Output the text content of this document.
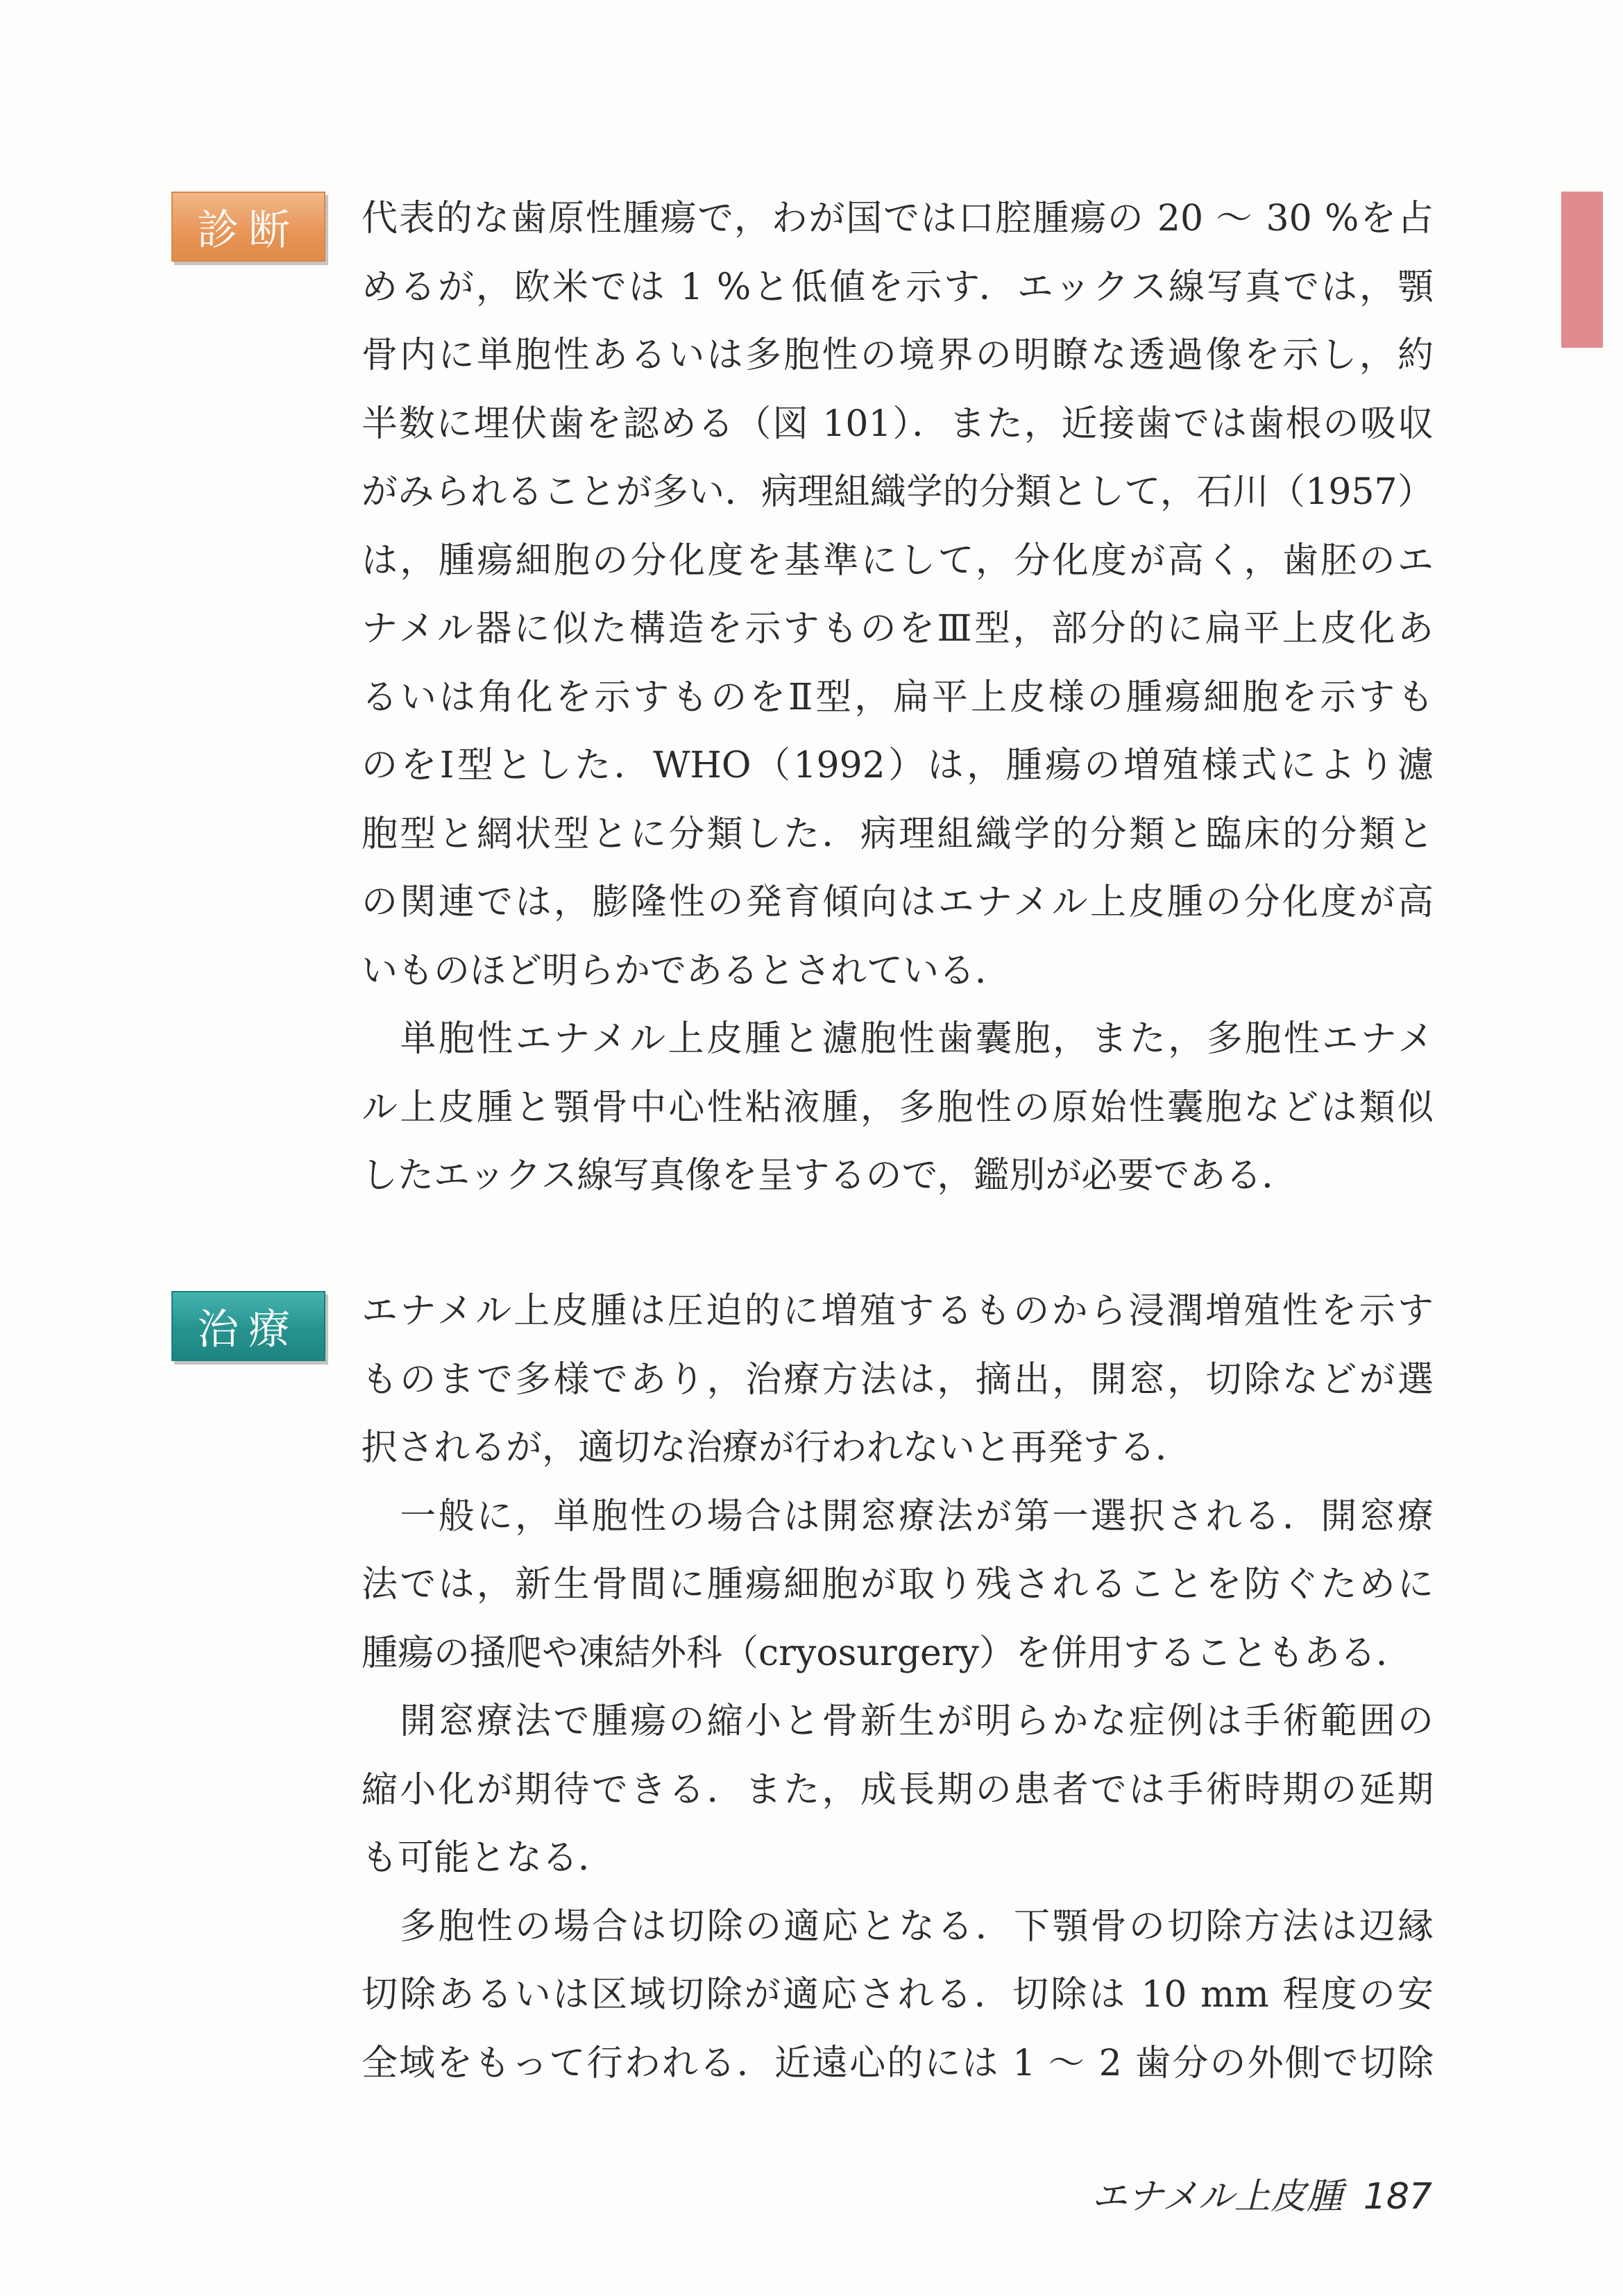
診断	代表的な歯原性腫瘍で，わが国では口腔腫瘍の 20 〜 30 %を占
めるが，欧米では 1 %と低値を示す．エックス線写真では，顎
骨内に単胞性あるいは多胞性の境界の明瞭な透過像を示し，約
半数に埋伏歯を認める（図 101）．また，近接歯では歯根の吸収
がみられることが多い．病理組織学的分類として，石川（1957）
は，腫瘍細胞の分化度を基準にして，分化度が高く，歯胚のエ
ナメル器に似た構造を示すものをⅢ型，部分的に扁平上皮化あ
るいは角化を示すものをⅡ型，扁平上皮様の腫瘍細胞を示すも
のをⅠ型とした．WHO（1992）は，腫瘍の増殖様式により濾
胞型と網状型とに分類した．病理組織学的分類と臨床的分類と
の関連では，膨隆性の発育傾向はエナメル上皮腫の分化度が高
いものほど明らかであるとされている．
　単胞性エナメル上皮腫と濾胞性歯囊胞，また，多胞性エナメ
ル上皮腫と顎骨中心性粘液腫，多胞性の原始性囊胞などは類似
したエックス線写真像を呈するので，鑑別が必要である．
治療	エナメル上皮腫は圧迫的に増殖するものから浸潤増殖性を示す
ものまで多様であり，治療方法は，摘出，開窓，切除などが選
択されるが，適切な治療が行われないと再発する．
　一般に，単胞性の場合は開窓療法が第一選択される．開窓療
法では，新生骨間に腫瘍細胞が取り残されることを防ぐために
腫瘍の掻爬や凍結外科（cryosurgery）を併用することもある．
　開窓療法で腫瘍の縮小と骨新生が明らかな症例は手術範囲の
縮小化が期待できる．また，成長期の患者では手術時期の延期
も可能となる．
　多胞性の場合は切除の適応となる．下顎骨の切除方法は辺縁
切除あるいは区域切除が適応される．切除は 10 mm 程度の安
全域をもって行われる．近遠心的には 1 〜 2 歯分の外側で切除
エナメル上皮腫 187
